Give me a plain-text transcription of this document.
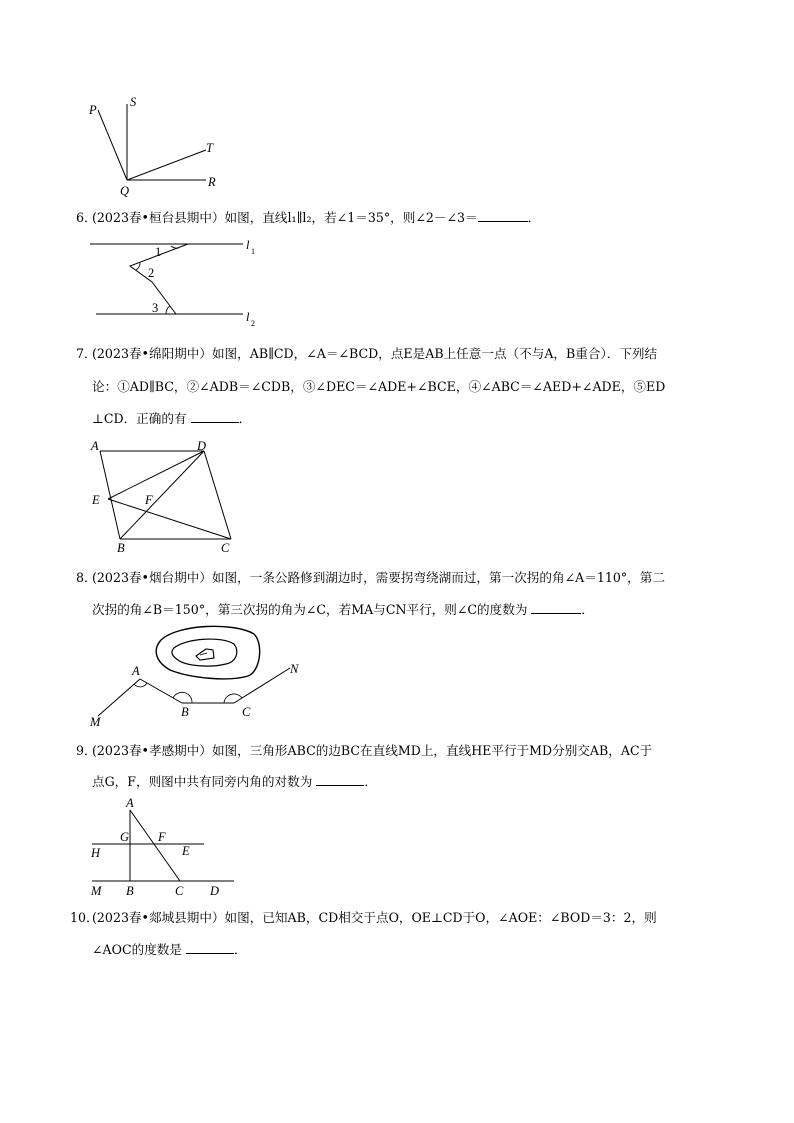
P
S
T
Q
R
6．
(2023春•桓台县期中）如图，直线l₁∥l₂，若∠1＝35°，则∠2－∠3＝	．
1
2
3
l 1
l 2
7．
(2023春•绵阳期中）如图，AB∥CD，∠A＝∠BCD，点E是AB上任意一点（不与A，B重合）．下列结
论：①AD∥BC，②∠ADB＝∠CDB，③∠DEC＝∠ADE+∠BCE，④∠ABC＝∠AED+∠ADE，⑤ED
⊥CD．正确的有	．
A	D
E	F
B	C
8．
(2023春•烟台期中）如图，一条公路修到湖边时，需要拐弯绕湖而过，第一次拐的角∠A＝110°，第二
次拐的角∠B＝150°，第三次拐的角为∠C，若MA与CN平行，则∠C的度数为	．
A
B	C
M
N
9．
(2023春•孝感期中）如图，三角形ABC的边BC在直线MD上，直线HE平行于MD分别交AB，AC于
点G，F，则图中共有同旁内角的对数为	．
A
G F
H	E
M B	C D
10．
(2023春•郯城县期中）如图，已知AB，CD相交于点O，OE⊥CD于O，∠AOE：∠BOD＝3：2，则
∠AOC的度数是	．
